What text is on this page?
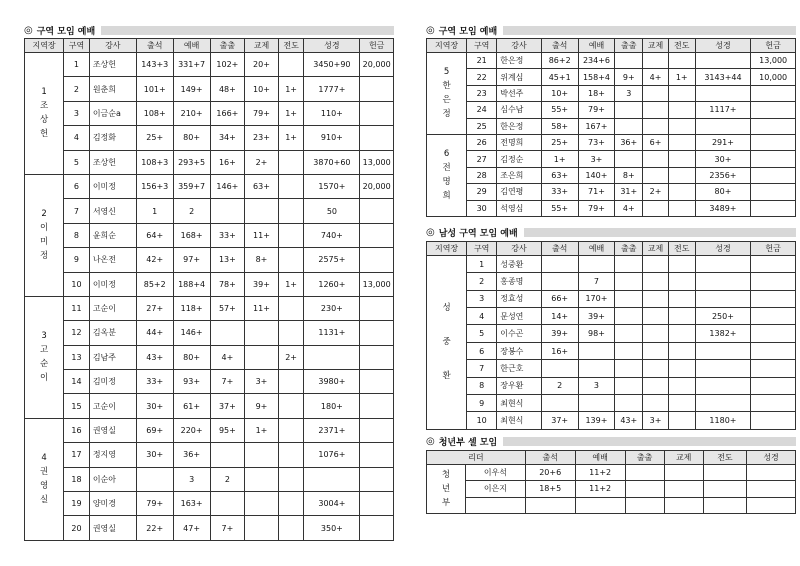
◎ 구역 모임 예배
지역장	구역	강사	출석	예배	출출	교제	전도	성경	헌금

1
조
상
헌	1	조상헌	143+3	331+7	102+	20+		3450+90	20,000
	2	원춘희	101+	149+	48+	10+	1+	1777+	
	3	이금순a	108+	210+	166+	79+	1+	110+	
	4	김정화	25+	80+	34+	23+	1+	910+	
	5	조상헌	108+3	293+5	16+	2+		3870+60	13,000

2
이
미
정	6	이미정	156+3	359+7	146+	63+		1570+	20,000
	7	서영신	1	2				50	
	8	윤희순	64+	168+	33+	11+		740+	
	9	나온전	42+	97+	13+	8+		2575+	
	10	이미정	85+2	188+4	78+	39+	1+	1260+	13,000

3
고
순
이	11	고순이	27+	118+	57+	11+		230+	
	12	김옥분	44+	146+				1131+	
	13	김남주	43+	80+	4+		2+		
	14	김미정	33+	93+	7+	3+		3980+	
	15	고순이	30+	61+	37+	9+		180+	

4
권
영
실	16	권영실	69+	220+	95+	1+		2371+	
	17	정지영	30+	36+				1076+	
	18	이순아		3	2				
	19	양미경	79+	163+				3004+	
	20	권영실	22+	47+	7+			350+	
◎ 구역 모임 예배
지역장	구역	강사	출석	예배	출출	교제	전도	성경	헌금

5
한
은
정	21	한은정	86+2	234+6					13,000
	22	위계심	45+1	158+4	9+	4+	1+	3143+44	10,000
	23	박선주	10+	18+	3				
	24	심수남	55+	79+				1117+	
	25	한은정	58+	167+					

6
전
명
희	26	전명희	25+	73+	36+	6+		291+	
	27	김정순	1+	3+				30+	
	28	조은희	63+	140+	8+			2356+	
	29	김연평	33+	71+	31+	2+		80+	
	30	석영심	55+	79+	4+			3489+	
◎ 남성 구역 모임 예배
지역장	구역	강사	출석	예배	출출	교제	전도	성경	헌금

성
중
환	1	성중환							
	2	홍종명		7					
	3	정효성	66+	170+					
	4	문성연	14+	39+				250+	
	5	이수곤	39+	98+				1382+	
	6	장봉수	16+						
	7	한근호							
	8	장우환	2	3					
	9	최현식							
	10	최현식	37+	139+	43+	3+		1180+	
◎ 청년부 셀 모임
리더		출석	예배	출출	교제	전도	성경

청
년
부	이우석	20+6	11+2				
	이은지	18+5	11+2				
